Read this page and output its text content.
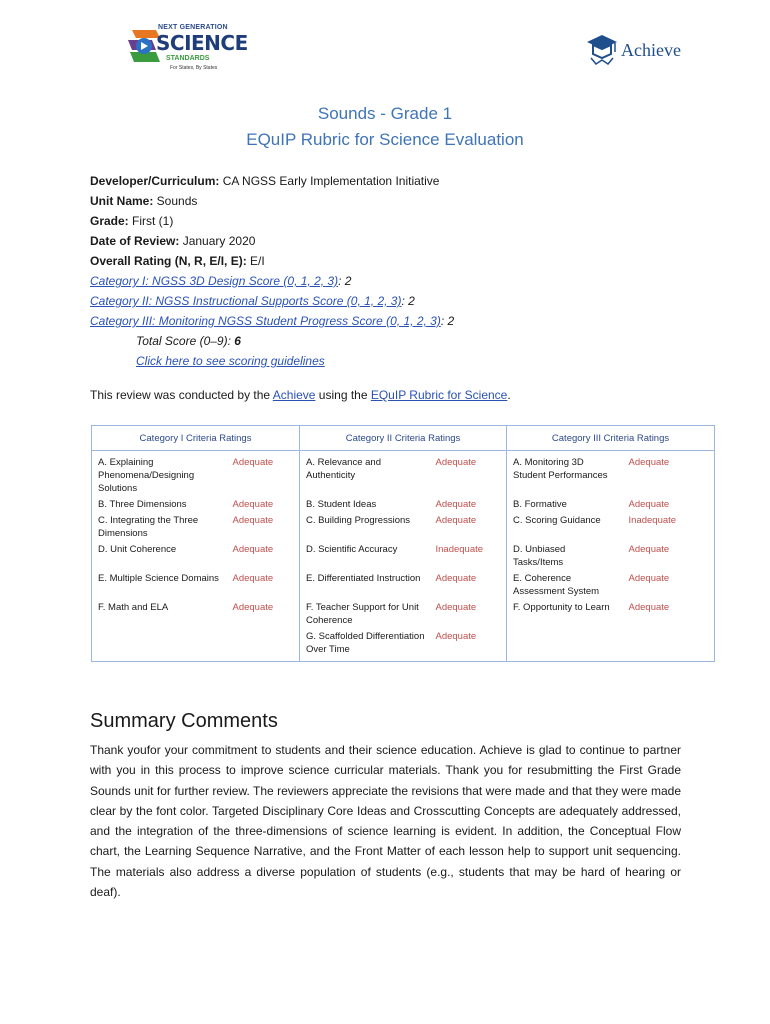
NEXT GENERATION
SCIENCE
STANDARDS
For States, By States
Achieve
Sounds - Grade 1
EQuIP Rubric for Science Evaluation
Developer/Curriculum: CA NGSS Early Implementation Initiative
Unit Name: Sounds
Grade: First (1)
Date of Review: January 2020
Overall Rating (N, R, E/I, E): E/I
Category I: NGSS 3D Design Score (0, 1, 2, 3): 2
Category II: NGSS Instructional Supports Score (0, 1, 2, 3): 2
Category III: Monitoring NGSS Student Progress Score (0, 1, 2, 3): 2
Total Score (0–9): 6
Click here to see scoring guidelines
This review was conducted by the Achieve using the EQuIP Rubric for Science.
Category I Criteria Ratings		Category II Criteria Ratings		Category III Criteria Ratings	
A. Explaining Phenomena/Designing Solutions	Adequate	A. Relevance and Authenticity	Adequate	A. Monitoring 3D Student Performances	Adequate
B. Three Dimensions	Adequate	B. Student Ideas	Adequate	B. Formative	Adequate
C. Integrating the Three Dimensions	Adequate	C. Building Progressions	Adequate	C. Scoring Guidance	Inadequate
D. Unit Coherence	Adequate	D. Scientific Accuracy	Inadequate	D. Unbiased Tasks/Items	Adequate
E. Multiple Science Domains	Adequate	E. Differentiated Instruction	Adequate	E. Coherence Assessment System	Adequate
F. Math and ELA	Adequate	F. Teacher Support for Unit Coherence	Adequate	F. Opportunity to Learn	Adequate
		G. Scaffolded Differentiation Over Time	Adequate		
Summary Comments
Thank youfor your commitment to students and their science education. Achieve is glad to continue to partner with you in this process to improve science curricular materials. Thank you for resubmitting the First Grade Sounds unit for further review. The reviewers appreciate the revisions that were made and that they were made clear by the font color. Targeted Disciplinary Core Ideas and Crosscutting Concepts are adequately addressed, and the integration of the three-dimensions of science learning is evident. In addition, the Conceptual Flow chart, the Learning Sequence Narrative, and the Front Matter of each lesson help to support unit sequencing. The materials also address a diverse population of students (e.g., students that may be hard of hearing or deaf).
